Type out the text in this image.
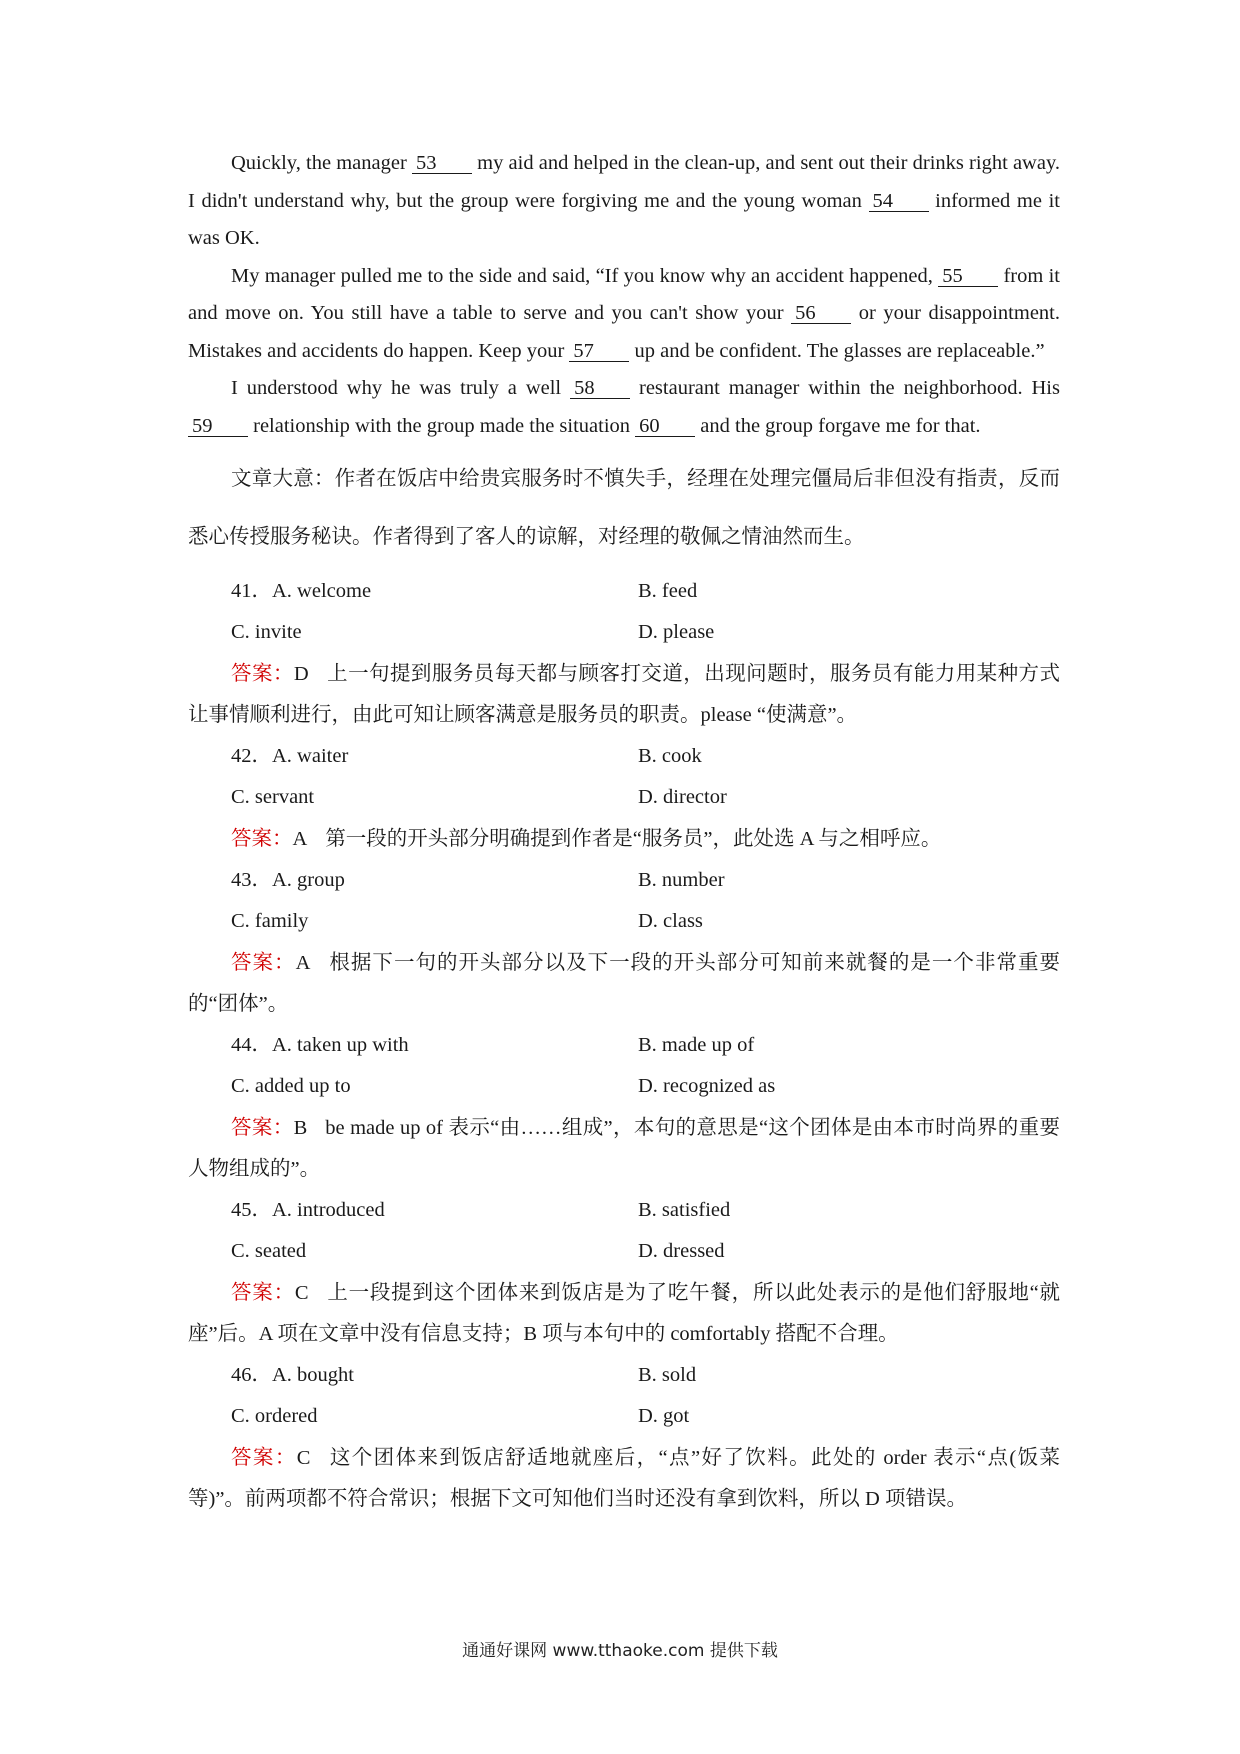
Quickly, the manager 53 my aid and helped in the clean-up, and sent out their drinks right away. I didn't understand why, but the group were forgiving me and the young woman 54 informed me it was OK.

My manager pulled me to the side and said, “If you know why an accident happened, 55 from it and move on. You still have a table to serve and you can't show your 56 or your disappointment. Mistakes and accidents do happen. Keep your 57 up and be confident. The glasses are replaceable.”

I understood why he was truly a well 58 restaurant manager within the neighborhood. His 59 relationship with the group made the situation 60 and the group forgave me for that.

文章大意：作者在饭店中给贵宾服务时不慎失手，经理在处理完僵局后非但没有指责，反而悉心传授服务秘诀。作者得到了客人的谅解，对经理的敬佩之情油然而生。

41．A. welcome	B. feed
C. invite	D. please

答案：D 上一句提到服务员每天都与顾客打交道，出现问题时，服务员有能力用某种方式让事情顺利进行，由此可知让顾客满意是服务员的职责。please “使满意”。

42．A. waiter	B. cook
C. servant	D. director

答案：A 第一段的开头部分明确提到作者是“服务员”，此处选 A 与之相呼应。

43．A. group	B. number
C. family	D. class

答案：A 根据下一句的开头部分以及下一段的开头部分可知前来就餐的是一个非常重要的“团体”。

44．A. taken up with	B. made up of
C. added up to	D. recognized as

答案：B be made up of 表示“由……组成”，本句的意思是“这个团体是由本市时尚界的重要人物组成的”。

45．A. introduced	B. satisfied
C. seated	D. dressed

答案：C 上一段提到这个团体来到饭店是为了吃午餐，所以此处表示的是他们舒服地“就座”后。A 项在文章中没有信息支持；B 项与本句中的 comfortably 搭配不合理。

46．A. bought	B. sold
C. ordered	D. got

答案：C 这个团体来到饭店舒适地就座后，“点”好了饮料。此处的 order 表示“点(饭菜等)”。前两项都不符合常识；根据下文可知他们当时还没有拿到饮料，所以 D 项错误。

通通好课网 www.tthaoke.com 提供下载
